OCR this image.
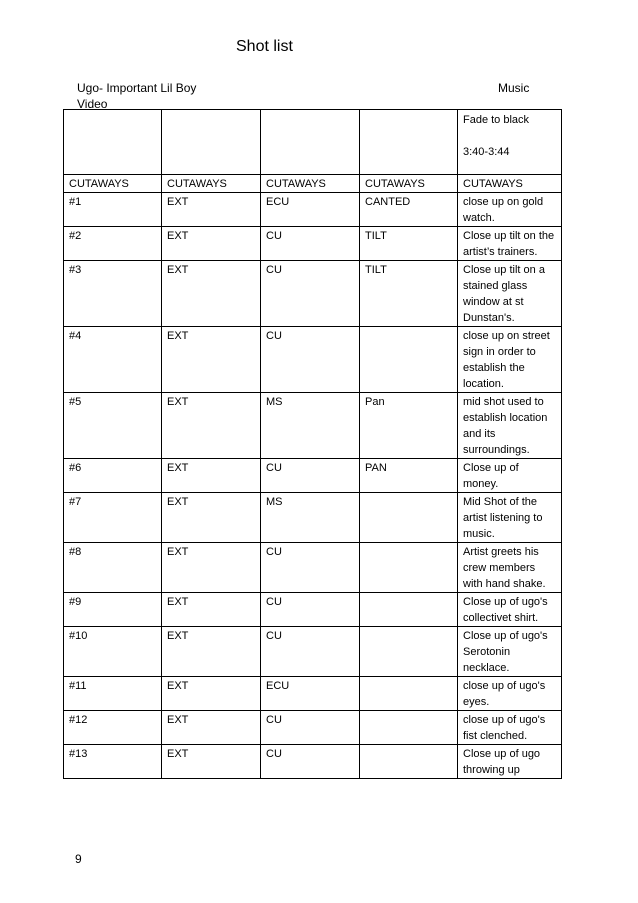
Shot list
Ugo- Important Lil Boy Video
Music

				Fade to black
3:40-3:44
CUTAWAYS	CUTAWAYS	CUTAWAYS	CUTAWAYS	CUTAWAYS
#1	EXT	ECU	CANTED	close up on gold watch.
#2	EXT	CU	TILT	Close up tilt on the artist’s trainers.
#3	EXT	CU	TILT	Close up tilt on a stained glass window at st Dunstan's.
#4	EXT	CU		close up on street sign in order to establish the location.
#5	EXT	MS	Pan	mid shot used to establish location and its surroundings.
#6	EXT	CU	PAN	Close up of money.
#7	EXT	MS		Mid Shot of the artist listening to music.
#8	EXT	CU		Artist greets his crew members with hand shake.
#9	EXT	CU		Close up of ugo's collectivet shirt.
#10	EXT	CU		Close up of ugo's Serotonin necklace.
#11	EXT	ECU		close up of ugo's eyes.
#12	EXT	CU		close up of ugo's fist clenched.
#13	EXT	CU		Close up of ugo throwing up
9
